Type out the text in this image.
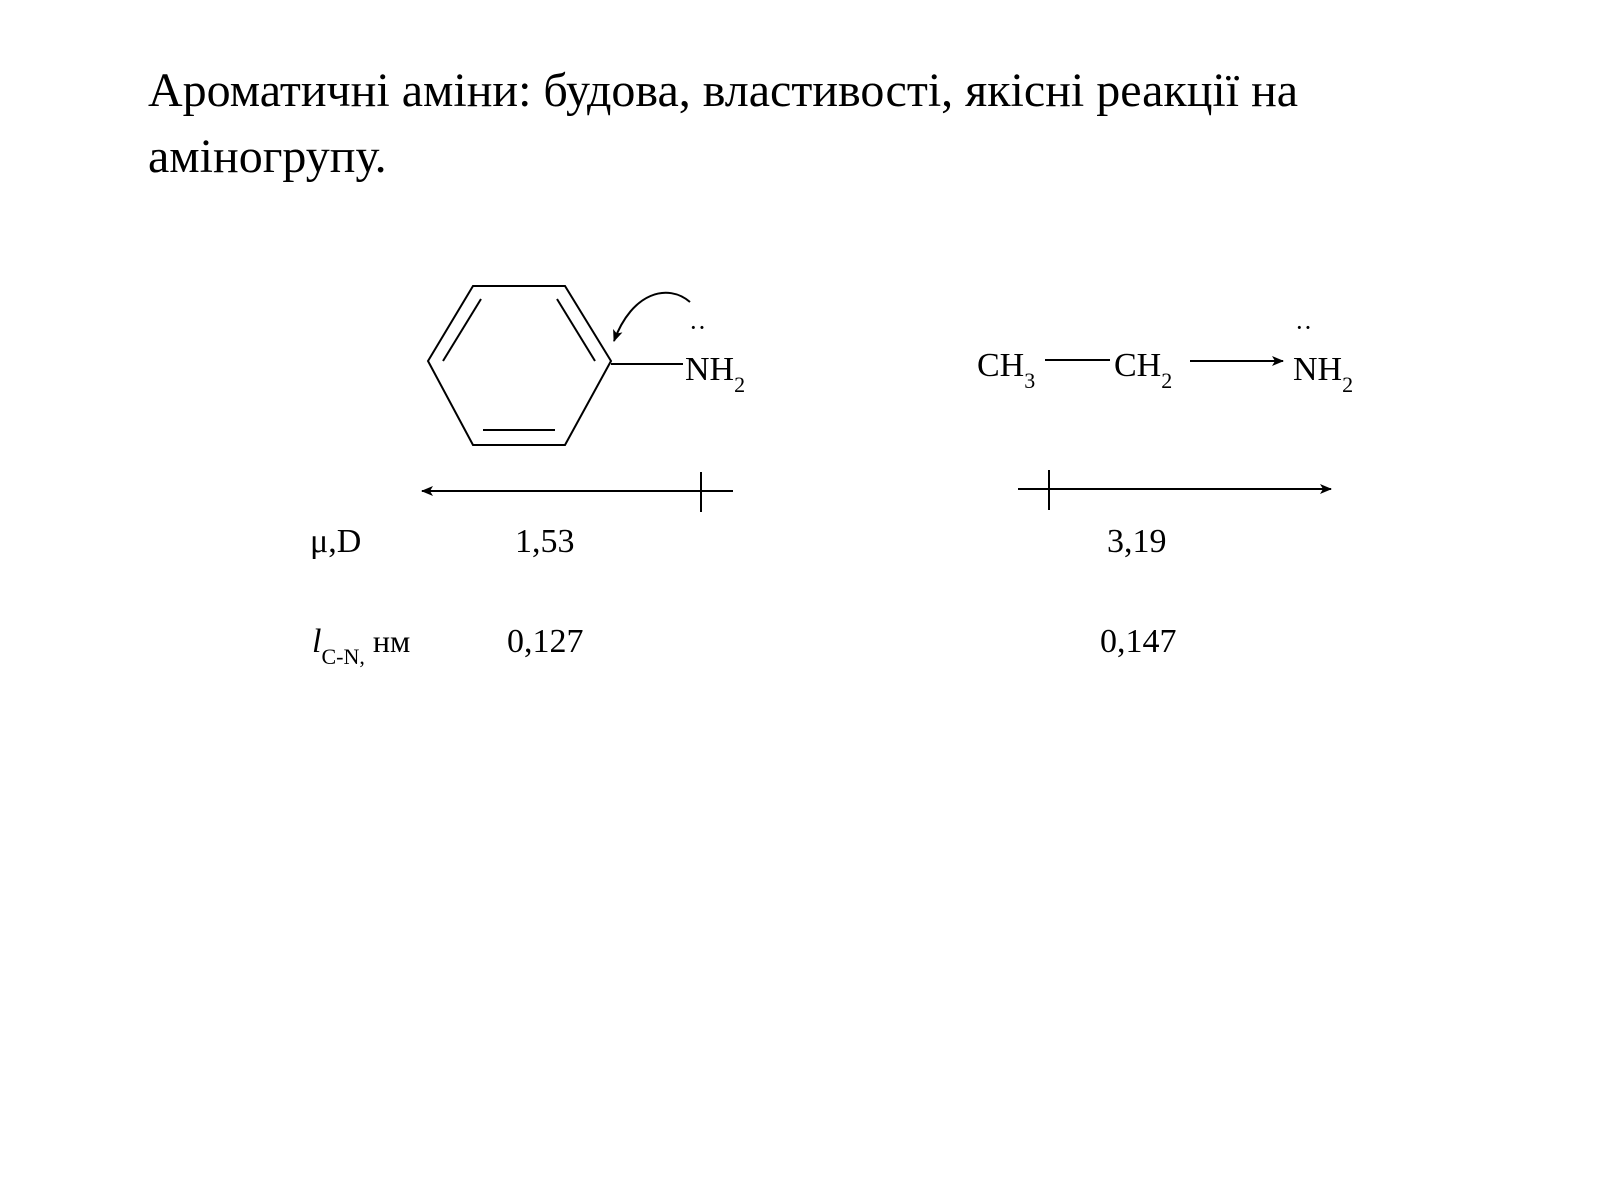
Ароматичні аміни: будова, властивості, якісні реакції на аміногрупу.
··
$NH_2$
$CH_3$ $CH_2$
··
$NH_2$
μ,D	1,53	3,19
$l_{C-N,}$ нм	0,127	0,147
